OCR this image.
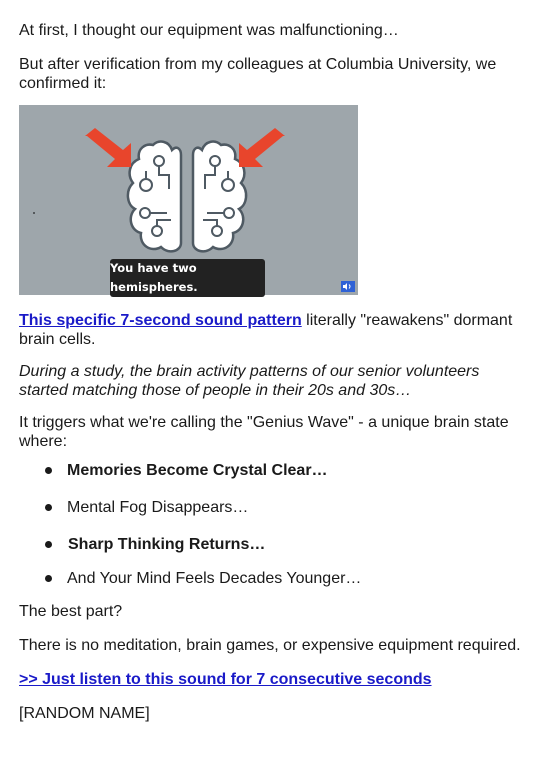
At first, I thought our equipment was malfunctioning…

But after verification from my colleagues at Columbia University, we confirmed it:

You have two hemispheres.

This specific 7-second sound pattern literally "reawakens" dormant brain cells.

During a study, the brain activity patterns of our senior volunteers started matching those of people in their 20s and 30s…

It triggers what we're calling the "Genius Wave" - a unique brain state where:

Memories Become Crystal Clear…
Mental Fog Disappears…
Sharp Thinking Returns…
And Your Mind Feels Decades Younger…

The best part?

There is no meditation, brain games, or expensive equipment required.

>> Just listen to this sound for 7 consecutive seconds

[RANDOM NAME]
